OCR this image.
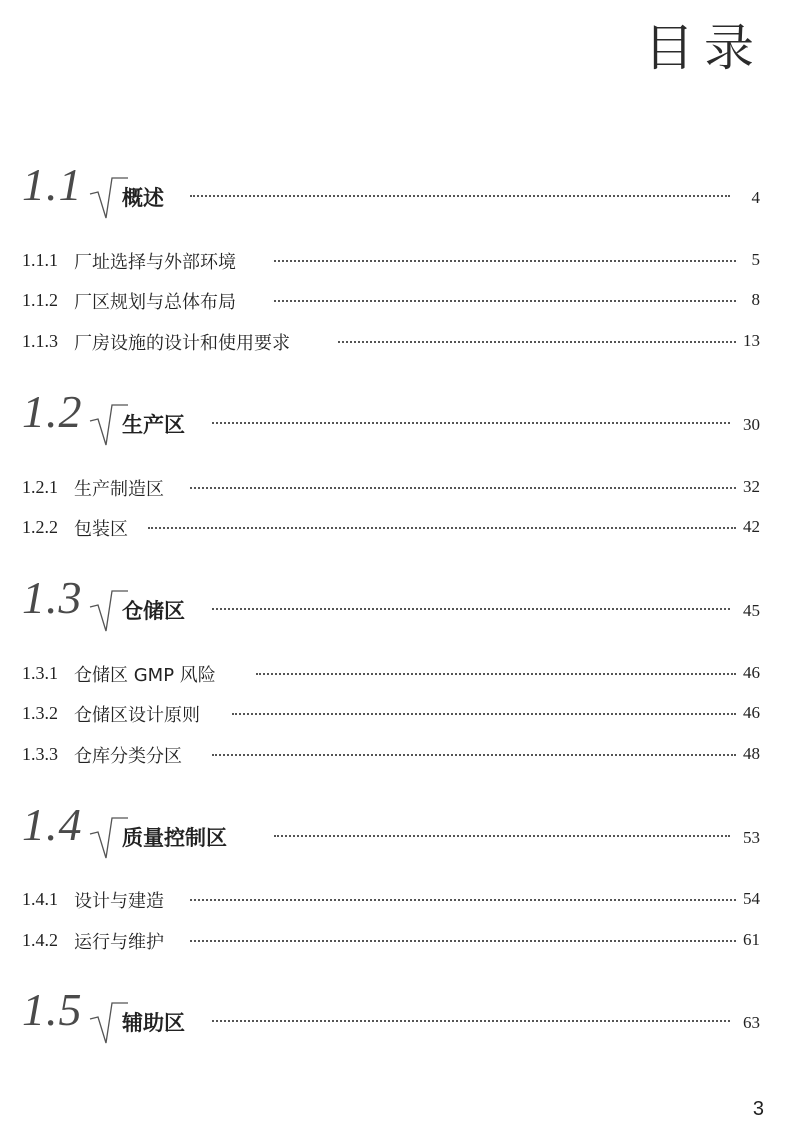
目录
1.1 概述	4
1.1.1 厂址选择与外部环境	5
1.1.2 厂区规划与总体布局	8
1.1.3 厂房设施的设计和使用要求	13
1.2 生产区	30
1.2.1 生产制造区	32
1.2.2 包装区	42
1.3 仓储区	45
1.3.1 仓储区 GMP 风险	46
1.3.2 仓储区设计原则	46
1.3.3 仓库分类分区	48
1.4 质量控制区	53
1.4.1 设计与建造	54
1.4.2 运行与维护	61
1.5 辅助区	63
3
